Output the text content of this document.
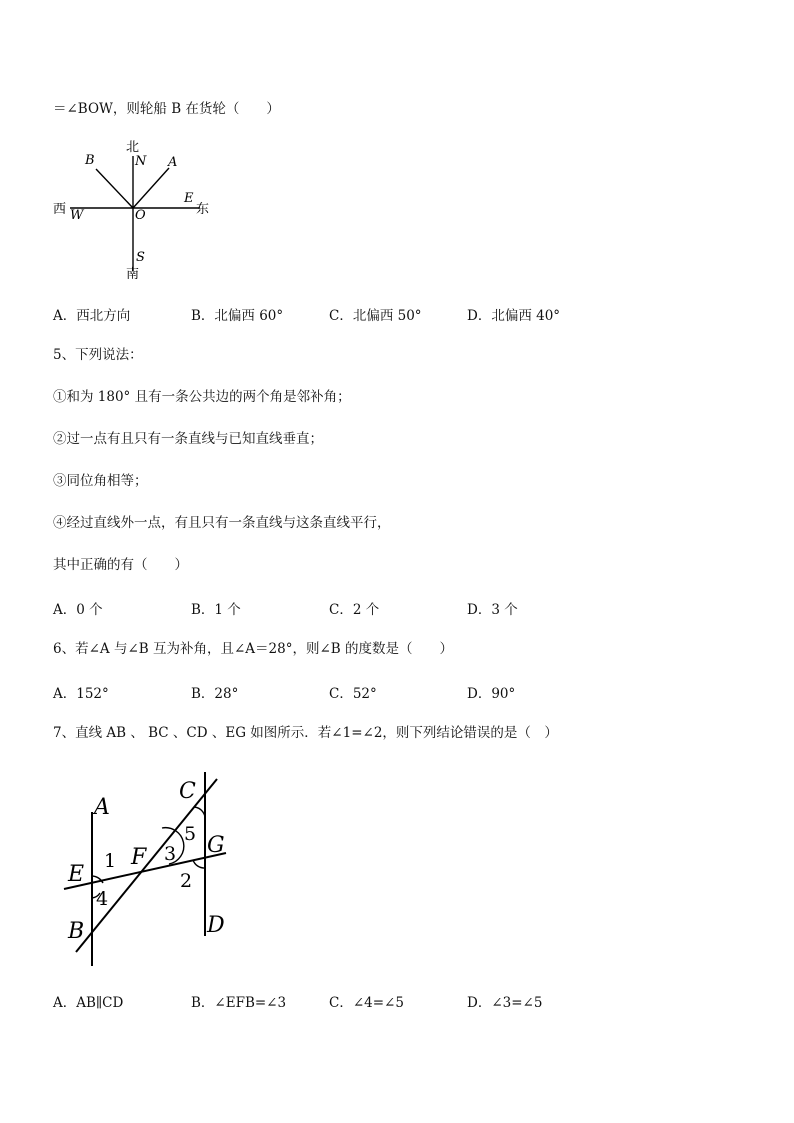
＝∠BOW，则轮船 B 在货轮（　　）
北
N
B	A
西 W	O
E
东
S
南
A．西北方向	B．北偏西 60°	C．北偏西 50°	D．北偏西 40°
5、下列说法：
①和为 180° 且有一条公共边的两个角是邻补角；
②过一点有且只有一条直线与已知直线垂直；
③同位角相等；
④经过直线外一点，有且只有一条直线与这条直线平行，
其中正确的有（　　）
A．0 个	B．1 个	C．2 个	D．3 个
6、若∠A 与∠B 互为补角，且∠A＝28°，则∠B 的度数是（　　）
A．152°	B．28°	C．52°	D．90°
7、直线 AB 、 BC 、CD 、EG 如图所示．若∠1=∠2，则下列结论错误的是（　）
A
C
G
E
F
B	D
1
2
3
4
5
A．AB∥CD	B．∠EFB=∠3	C．∠4=∠5	D．∠3=∠5
